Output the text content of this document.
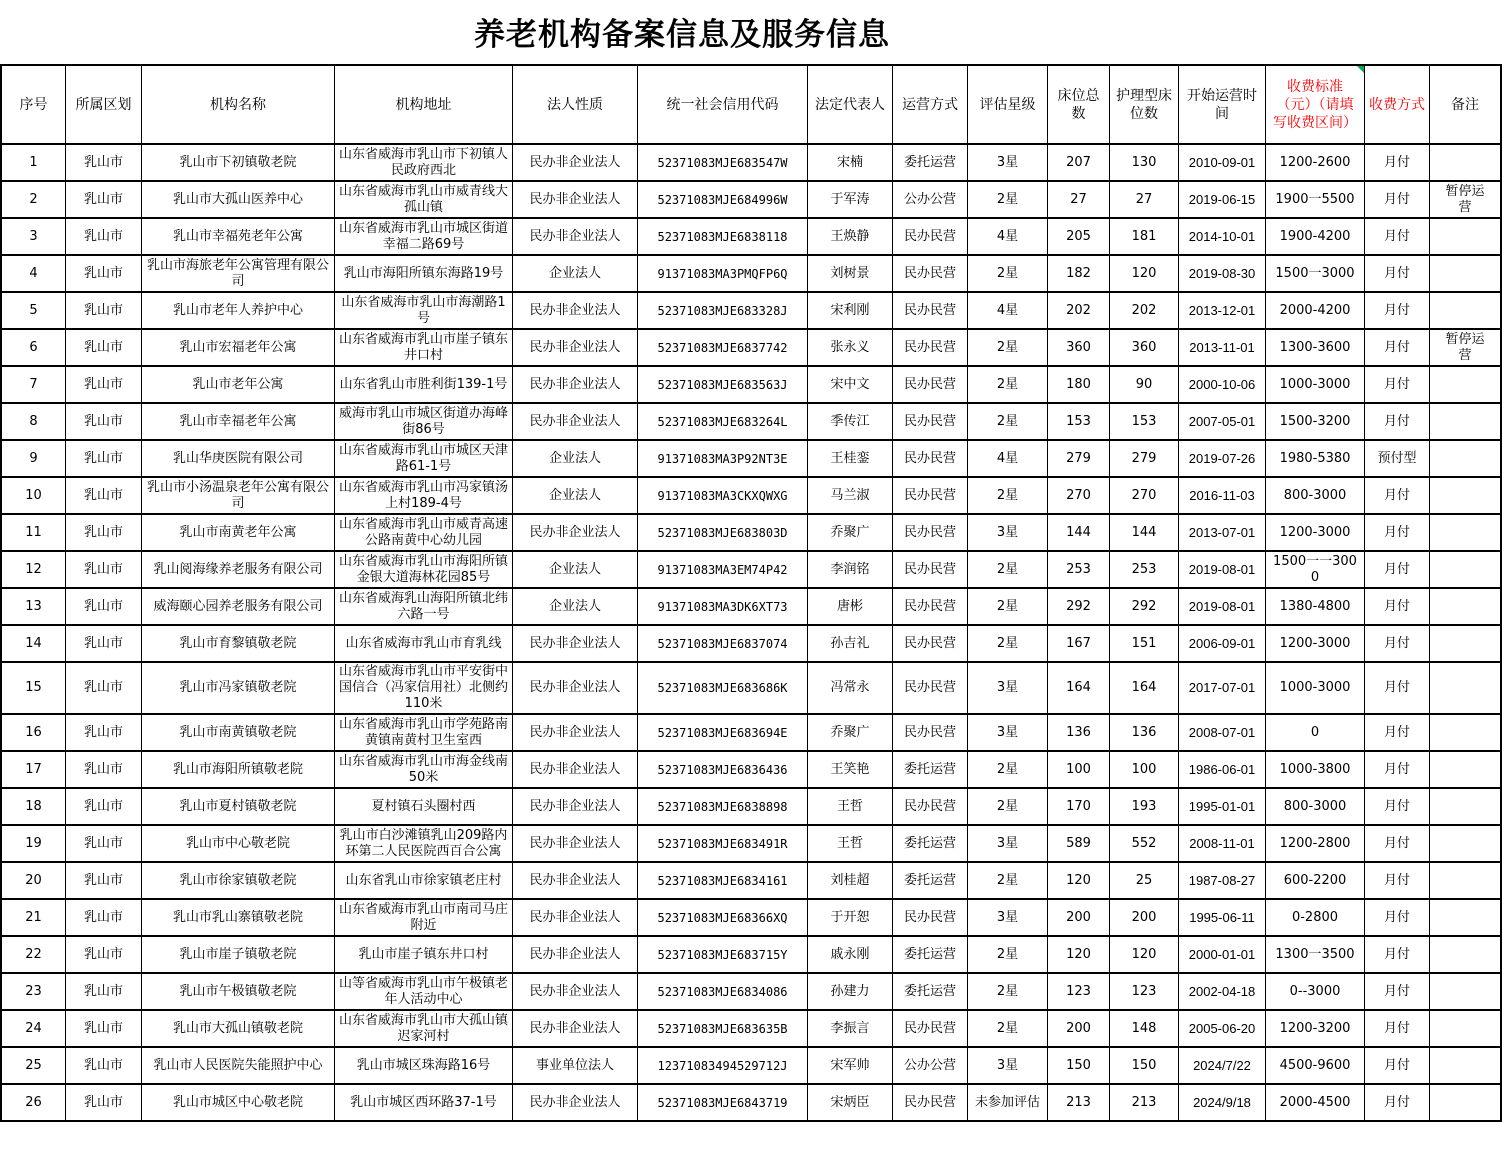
养老机构备案信息及服务信息
序号	所属区划	机构名称	机构地址	法人性质	统一社会信用代码	法定代表人	运营方式	评估星级	床位总数	护理型床位数	开始运营时间	收费标准（元）（请填写收费区间）	收费方式	备注
1	乳山市	乳山市下初镇敬老院	山东省威海市乳山市下初镇人民政府西北	民办非企业法人	52371083MJE683547W	宋楠	委托运营	3星	207	130	2010-09-01	1200-2600	月付	
2	乳山市	乳山市大孤山医养中心	山东省威海市乳山市威青线大孤山镇	民办非企业法人	52371083MJE684996W	于军涛	公办公营	2星	27	27	2019-06-15	1900一5500	月付	暂停运营
3	乳山市	乳山市幸福苑老年公寓	山东省威海市乳山市城区街道幸福二路69号	民办非企业法人	52371083MJE6838118	王焕静	民办民营	4星	205	181	2014-10-01	1900-4200	月付	
4	乳山市	乳山市海旅老年公寓管理有限公司	乳山市海阳所镇东海路19号	企业法人	91371083MA3PMQFP6Q	刘树景	民办民营	2星	182	120	2019-08-30	1500一3000	月付	
5	乳山市	乳山市老年人养护中心	山东省威海市乳山市海潮路1号	民办非企业法人	52371083MJE683328J	宋利刚	民办民营	4星	202	202	2013-12-01	2000-4200	月付	
6	乳山市	乳山市宏福老年公寓	山东省威海市乳山市崖子镇东井口村	民办非企业法人	52371083MJE6837742	张永义	民办民营	2星	360	360	2013-11-01	1300-3600	月付	暂停运营
7	乳山市	乳山市老年公寓	山东省乳山市胜利街139-1号	民办非企业法人	52371083MJE683563J	宋中文	民办民营	2星	180	90	2000-10-06	1000-3000	月付	
8	乳山市	乳山市幸福老年公寓	威海市乳山市城区街道办海峰街86号	民办非企业法人	52371083MJE683264L	季传江	民办民营	2星	153	153	2007-05-01	1500-3200	月付	
9	乳山市	乳山华庚医院有限公司	山东省威海市乳山市城区天津路61-1号	企业法人	91371083MA3P92NT3E	王桂銮	民办民营	4星	279	279	2019-07-26	1980-5380	预付型	
10	乳山市	乳山市小汤温泉老年公寓有限公司	山东省威海市乳山市冯家镇汤上村189-4号	企业法人	91371083MA3CKXQWXG	马兰淑	民办民营	2星	270	270	2016-11-03	800-3000	月付	
11	乳山市	乳山市南黄老年公寓	山东省威海市乳山市威青高速公路南黄中心幼儿园	民办非企业法人	52371083MJE683803D	乔聚广	民办民营	3星	144	144	2013-07-01	1200-3000	月付	
12	乳山市	乳山阅海缘养老服务有限公司	山东省威海市乳山市海阳所镇金银大道海林花园85号	企业法人	91371083MA3EM74P42	李润铭	民办民营	2星	253	253	2019-08-01	1500一一3000	月付	
13	乳山市	威海颐心园养老服务有限公司	山东省威海乳山海阳所镇北纬 六路一号	企业法人	91371083MA3DK6XT73	唐彬	民办民营	2星	292	292	2019-08-01	1380-4800	月付	
14	乳山市	乳山市育黎镇敬老院	山东省威海市乳山市育乳线	民办非企业法人	52371083MJE6837074	孙吉礼	民办民营	2星	167	151	2006-09-01	1200-3000	月付	
15	乳山市	乳山市冯家镇敬老院	山东省威海市乳山市平安街中国信合（冯家信用社）北侧约110米	民办非企业法人	52371083MJE683686K	冯常永	民办民营	3星	164	164	2017-07-01	1000-3000	月付	
16	乳山市	乳山市南黄镇敬老院	山东省威海市乳山市学苑路南黄镇南黄村卫生室西	民办非企业法人	52371083MJE683694E	乔聚广	民办民营	3星	136	136	2008-07-01	0	月付	
17	乳山市	乳山市海阳所镇敬老院	山东省威海市乳山市海金线南50米	民办非企业法人	52371083MJE6836436	王笑艳	委托运营	2星	100	100	1986-06-01	1000-3800	月付	
18	乳山市	乳山市夏村镇敬老院	夏村镇石头圈村西	民办非企业法人	52371083MJE6838898	王哲	民办民营	2星	170	193	1995-01-01	800-3000	月付	
19	乳山市	乳山市中心敬老院	乳山市白沙滩镇乳山209路内环第二人民医院西百合公寓	民办非企业法人	52371083MJE683491R	王哲	委托运营	3星	589	552	2008-11-01	1200-2800	月付	
20	乳山市	乳山市徐家镇敬老院	山东省乳山市徐家镇老庄村	民办非企业法人	52371083MJE6834161	刘桂超	委托运营	2星	120	25	1987-08-27	600-2200	月付	
21	乳山市	乳山市乳山寨镇敬老院	山东省威海市乳山市南司马庄附近	民办非企业法人	52371083MJE68366XQ	于开恕	民办民营	3星	200	200	1995-06-11	0-2800	月付	
22	乳山市	乳山市崖子镇敬老院	乳山市崖子镇东井口村	民办非企业法人	52371083MJE683715Y	戚永刚	委托运营	2星	120	120	2000-01-01	1300一3500	月付	
23	乳山市	乳山市午极镇敬老院	山等省威海市乳山市午极镇老年人活动中心	民办非企业法人	52371083MJE6834086	孙建力	委托运营	2星	123	123	2002-04-18	0--3000	月付	
24	乳山市	乳山市大孤山镇敬老院	山东省威海市乳山市大孤山镇迟家河村	民办非企业法人	52371083MJE683635B	李振言	民办民营	2星	200	148	2005-06-20	1200-3200	月付	
25	乳山市	乳山市人民医院失能照护中心	乳山市城区珠海路16号	事业单位法人	12371083494529712J	宋军帅	公办公营	3星	150	150	2024/7/22	4500-9600	月付	
26	乳山市	乳山市城区中心敬老院	乳山市城区西环路37-1号	民办非企业法人	52371083MJE6843719	宋炳臣	民办民营	未参加评估	213	213	2024/9/18	2000-4500	月付	
